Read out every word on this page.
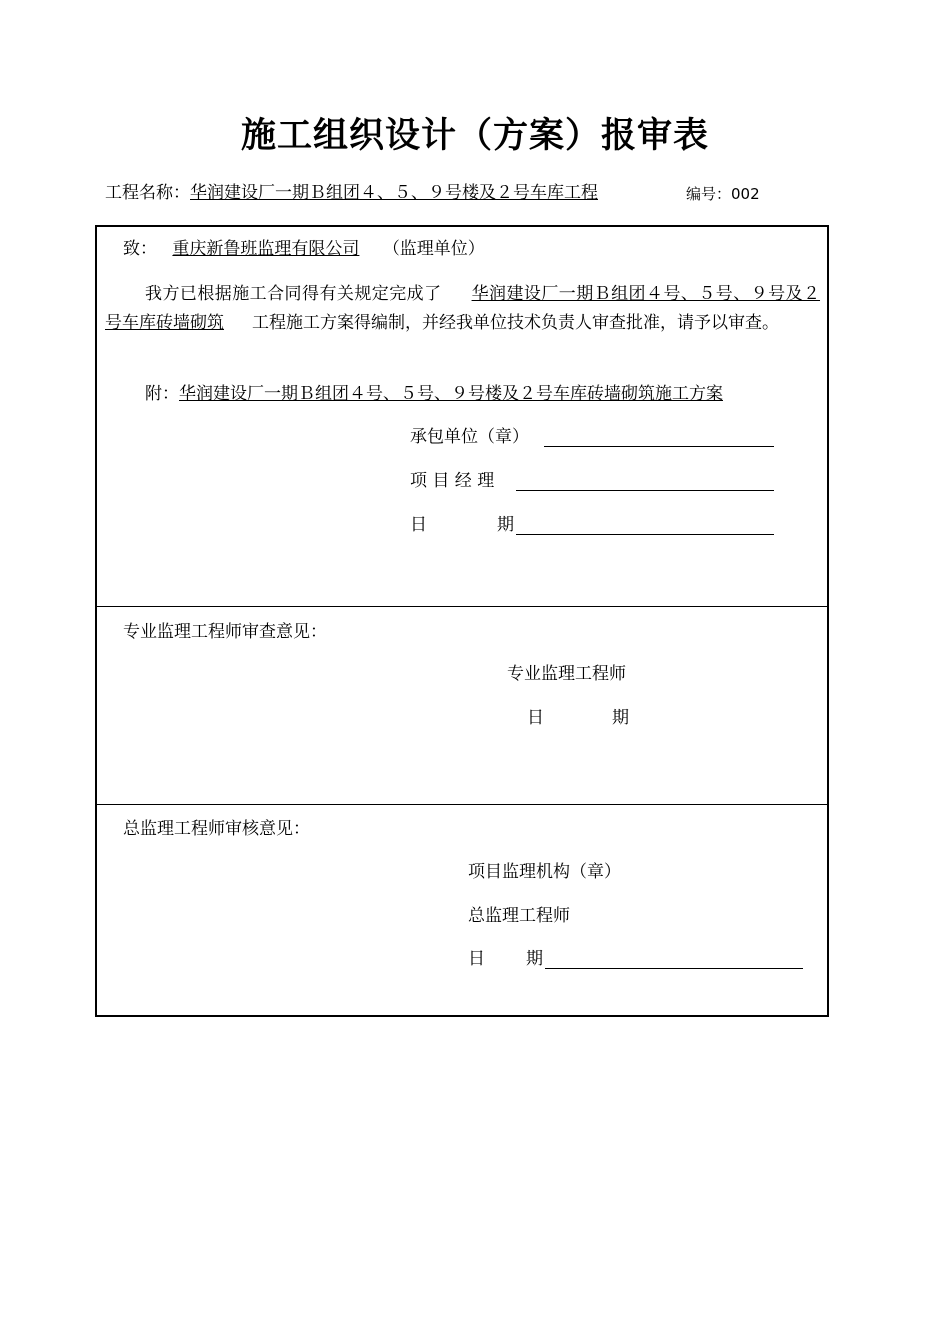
施工组织设计（方案）报审表
工程名称：华润建设厂一期Ｂ组团４、５、９号楼及２号车库工程	编号：002
致： 重庆新鲁班监理有限公司 （监理单位）
我方已根据施工合同得有关规定完成了 华润建设厂一期Ｂ组团４号、５号、９号及２号车库砖墙砌筑 工程施工方案得编制，并经我单位技术负责人审查批准，请予以审查。
附：华润建设厂一期Ｂ组团４号、５号、９号楼及２号车库砖墙砌筑施工方案
承包单位（章）
项 目 经 理
日	期
专业监理工程师审查意见：
专业监理工程师
日	期
总监理工程师审核意见：
项目监理机构（章）
总监理工程师
日 期
